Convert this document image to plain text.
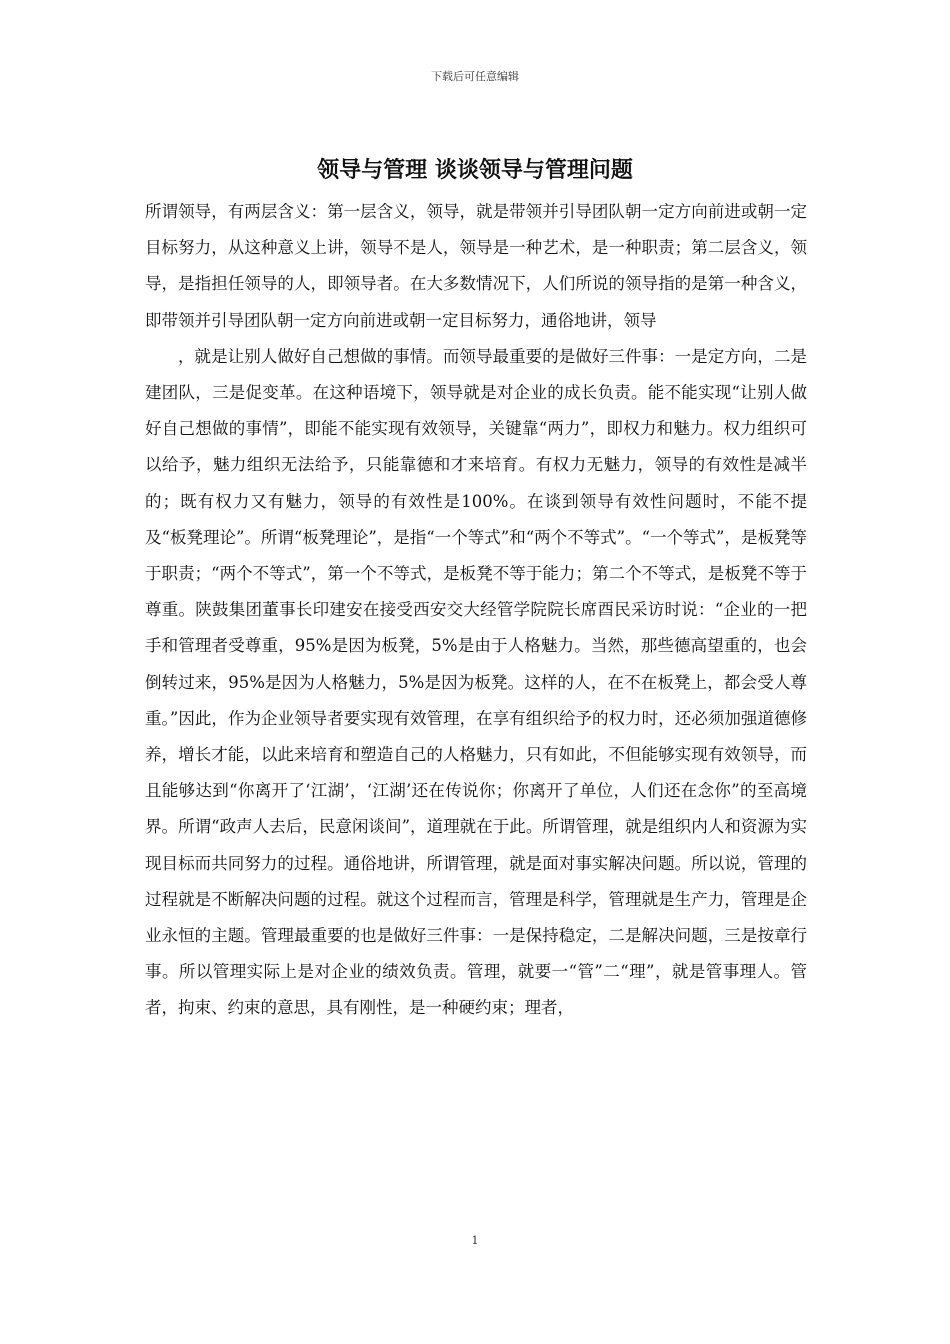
下载后可任意编辑
领导与管理 谈谈领导与管理问题

所谓领导，有两层含义：第一层含义，领导，就是带领并引导团队朝一定方向前进或朝一定目标努力，从这种意义上讲，领导不是人，领导是一种艺术，是一种职责；第二层含义，领导，是指担任领导的人，即领导者。在大多数情况下，人们所说的领导指的是第一种含义，即带领并引导团队朝一定方向前进或朝一定目标努力，通俗地讲，领导

，就是让别人做好自己想做的事情。而领导最重要的是做好三件事：一是定方向，二是建团队，三是促变革。在这种语境下，领导就是对企业的成长负责。能不能实现“让别人做好自己想做的事情”，即能不能实现有效领导，关键靠“两力”，即权力和魅力。权力组织可以给予，魅力组织无法给予，只能靠德和才来培育。有权力无魅力，领导的有效性是减半的；既有权力又有魅力，领导的有效性是100%。在谈到领导有效性问题时，不能不提及“板凳理论”。所谓“板凳理论”，是指“一个等式”和“两个不等式”。“一个等式”，是板凳等于职责；“两个不等式”，第一个不等式，是板凳不等于能力；第二个不等式，是板凳不等于尊重。陕鼓集团董事长印建安在接受西安交大经管学院院长席酉民采访时说：“企业的一把手和管理者受尊重，95%是因为板凳，5%是由于人格魅力。当然，那些德高望重的，也会倒转过来，95%是因为人格魅力，5%是因为板凳。这样的人，在不在板凳上，都会受人尊重。”因此，作为企业领导者要实现有效管理，在享有组织给予的权力时，还必须加强道德修养，增长才能，以此来培育和塑造自己的人格魅力，只有如此，不但能够实现有效领导，而且能够达到“你离开了‘江湖’，‘江湖’还在传说你；你离开了单位，人们还在念你”的至高境界。所谓“政声人去后，民意闲谈间”，道理就在于此。所谓管理，就是组织内人和资源为实现目标而共同努力的过程。通俗地讲，所谓管理，就是面对事实解决问题。所以说，管理的过程就是不断解决问题的过程。就这个过程而言，管理是科学，管理就是生产力，管理是企业永恒的主题。管理最重要的也是做好三件事：一是保持稳定，二是解决问题，三是按章行事。所以管理实际上是对企业的绩效负责。管理，就要一“管”二“理”，就是管事理人。管者，拘束、约束的意思，具有刚性，是一种硬约束；理者，

1
